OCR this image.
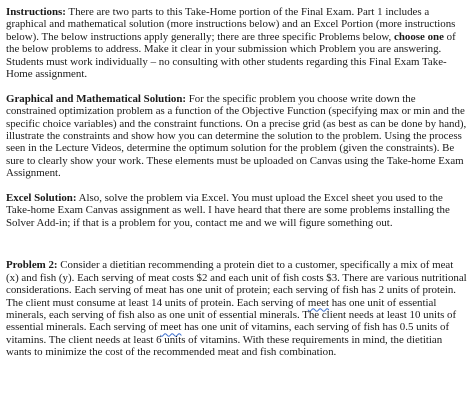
Instructions: There are two parts to this Take-Home portion of the Final Exam. Part 1 includes a graphical and mathematical solution (more instructions below) and an Excel Portion (more instructions below). The below instructions apply generally; there are three specific Problems below, choose one of the below problems to address. Make it clear in your submission which Problem you are answering. Students must work individually – no consulting with other students regarding this Final Exam Take-Home assignment.

Graphical and Mathematical Solution: For the specific problem you choose write down the constrained optimization problem as a function of the Objective Function (specifying max or min and the specific choice variables) and the constraint functions. On a precise grid (as best as can be done by hand), illustrate the constraints and show how you can determine the solution to the problem. Using the process seen in the Lecture Videos, determine the optimum solution for the problem (given the constraints). Be sure to clearly show your work. These elements must be uploaded on Canvas using the Take-home Exam Assignment.

Excel Solution: Also, solve the problem via Excel. You must upload the Excel sheet you used to the Take-home Exam Canvas assignment as well. I have heard that there are some problems installing the Solver Add-in; if that is a problem for you, contact me and we will figure something out.

Problem 2: Consider a dietitian recommending a protein diet to a customer, specifically a mix of meat (x) and fish (y). Each serving of meat costs $2 and each unit of fish costs $3. There are various nutritional considerations. Each serving of meat has one unit of protein; each serving of fish has 2 units of protein. The client must consume at least 14 units of protein. Each serving of meet has one unit of essential minerals, each serving of fish also as one unit of essential minerals. The client needs at least 10 units of essential minerals. Each serving of meet has one unit of vitamins, each serving of fish has 0.5 units of vitamins. The client needs at least 6 units of vitamins. With these requirements in mind, the dietitian wants to minimize the cost of the recommended meat and fish combination.
